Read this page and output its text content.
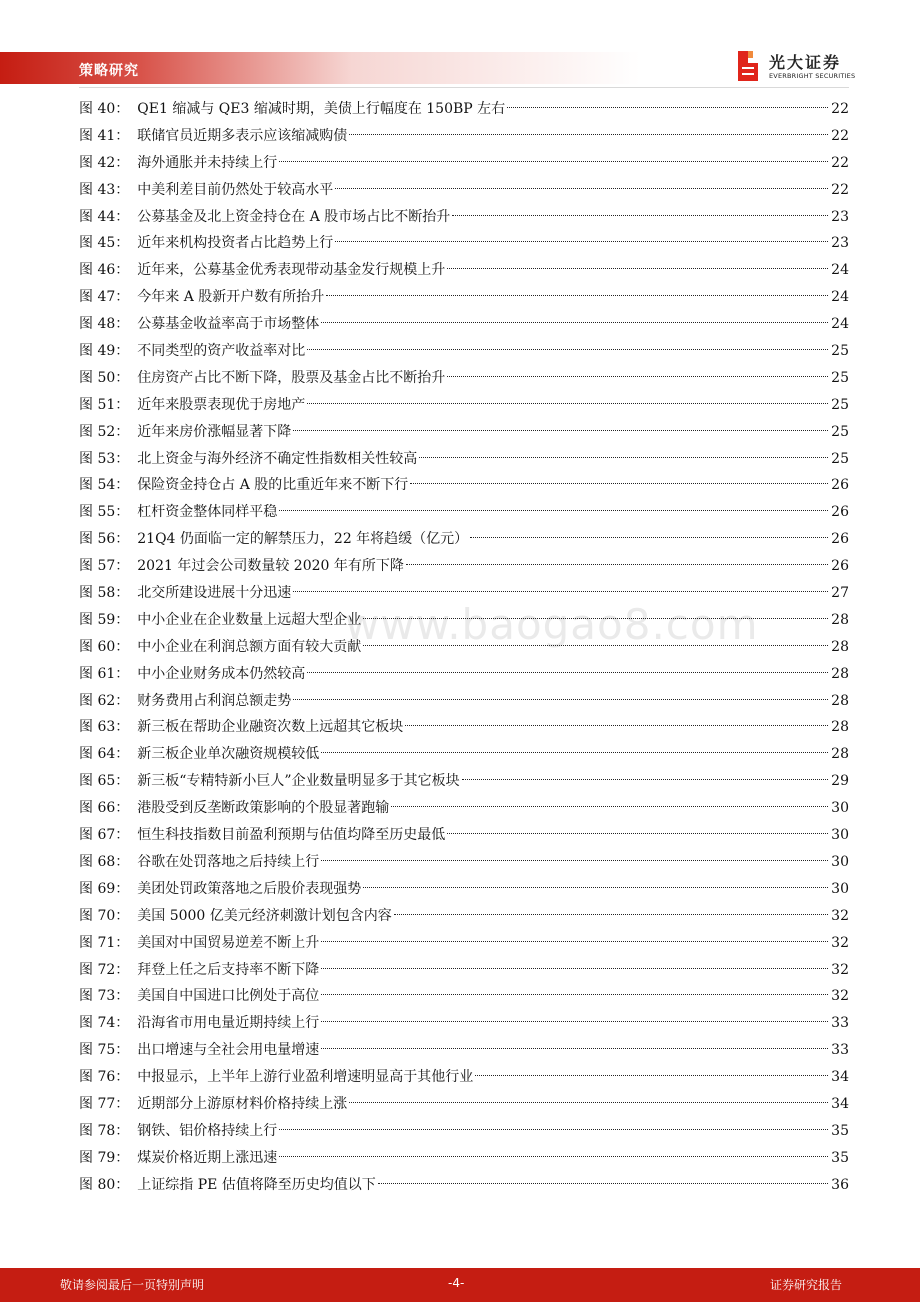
策略研究	光大证券
EVERBRIGHT SECURITIES
www.baogao8.com
图 40： QE1 缩减与 QE3 缩减时期，美债上行幅度在 150BP 左右	22
图 41： 联储官员近期多表示应该缩减购债	22
图 42： 海外通胀并未持续上行	22
图 43： 中美利差目前仍然处于较高水平	22
图 44： 公募基金及北上资金持仓在 A 股市场占比不断抬升	23
图 45： 近年来机构投资者占比趋势上行	23
图 46： 近年来，公募基金优秀表现带动基金发行规模上升	24
图 47： 今年来 A 股新开户数有所抬升	24
图 48： 公募基金收益率高于市场整体	24
图 49： 不同类型的资产收益率对比	25
图 50： 住房资产占比不断下降，股票及基金占比不断抬升	25
图 51： 近年来股票表现优于房地产	25
图 52： 近年来房价涨幅显著下降	25
图 53： 北上资金与海外经济不确定性指数相关性较高	25
图 54： 保险资金持仓占 A 股的比重近年来不断下行	26
图 55： 杠杆资金整体同样平稳	26
图 56： 21Q4 仍面临一定的解禁压力，22 年将趋缓（亿元）	26
图 57： 2021 年过会公司数量较 2020 年有所下降	26
图 58： 北交所建设进展十分迅速	27
图 59： 中小企业在企业数量上远超大型企业	28
图 60： 中小企业在利润总额方面有较大贡献	28
图 61： 中小企业财务成本仍然较高	28
图 62： 财务费用占利润总额走势	28
图 63： 新三板在帮助企业融资次数上远超其它板块	28
图 64： 新三板企业单次融资规模较低	28
图 65： 新三板“专精特新小巨人”企业数量明显多于其它板块	29
图 66： 港股受到反垄断政策影响的个股显著跑输	30
图 67： 恒生科技指数目前盈利预期与估值均降至历史最低	30
图 68： 谷歌在处罚落地之后持续上行	30
图 69： 美团处罚政策落地之后股价表现强势	30
图 70： 美国 5000 亿美元经济刺激计划包含内容	32
图 71： 美国对中国贸易逆差不断上升	32
图 72： 拜登上任之后支持率不断下降	32
图 73： 美国自中国进口比例处于高位	32
图 74： 沿海省市用电量近期持续上行	33
图 75： 出口增速与全社会用电量增速	33
图 76： 中报显示，上半年上游行业盈利增速明显高于其他行业	34
图 77： 近期部分上游原材料价格持续上涨	34
图 78： 钢铁、铝价格持续上行	35
图 79： 煤炭价格近期上涨迅速	35
图 80： 上证综指 PE 估值将降至历史均值以下	36
敬请参阅最后一页特别声明	-4-	证券研究报告
